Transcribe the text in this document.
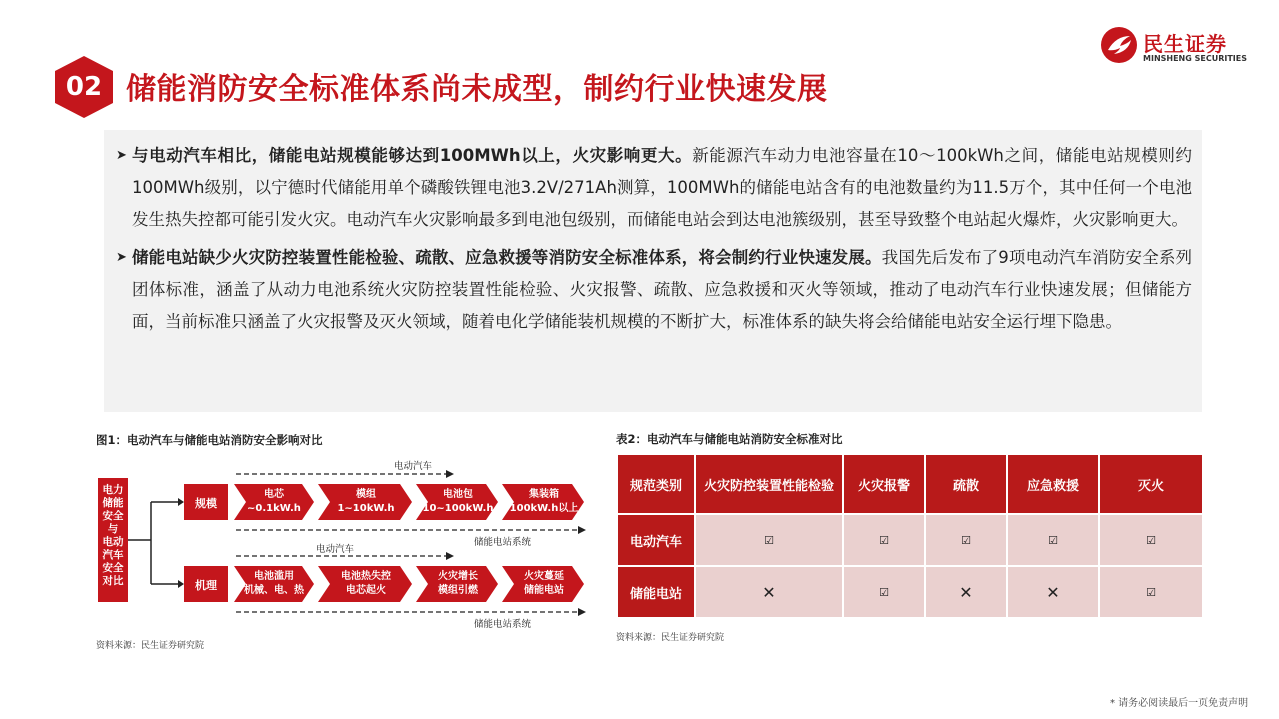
02 储能消防安全标准体系尚未成型，制约行业快速发展
民生证券
MINSHENG SECURITIES
➤ 与电动汽车相比，储能电站规模能够达到100MWh以上，火灾影响更大。新能源汽车动力电池容量在10～100kWh之间，储能电站规模则约100MWh级别，以宁德时代储能用单个磷酸铁锂电池3.2V/271Ah测算，100MWh的储能电站含有的电池数量约为11.5万个，其中任何一个电池发生热失控都可能引发火灾。电动汽车火灾影响最多到电池包级别，而储能电站会到达电池簇级别，甚至导致整个电站起火爆炸，火灾影响更大。
➤ 储能电站缺少火灾防控装置性能检验、疏散、应急救援等消防安全标准体系，将会制约行业快速发展。我国先后发布了9项电动汽车消防安全系列团体标准，涵盖了从动力电池系统火灾防控装置性能检验、火灾报警、疏散、应急救援和灭火等领域，推动了电动汽车行业快速发展；但储能方面，当前标准只涵盖了火灾报警及灭火领域，随着电化学储能装机规模的不断扩大，标准体系的缺失将会给储能电站安全运行埋下隐患。
图1：电动汽车与储能电站消防安全影响对比
电力
储能
安全
与
电动
汽车
安全
对比
规模
机理
电芯
~0.1kW.h
模组
1~10kW.h
电池包
10~100kW.h
集装箱
100kW.h以上
电池滥用
机械、电、热
电池热失控
电芯起火
火灾增长
模组引燃
火灾蔓延
储能电站
电动汽车
储能电站系统
电动汽车
储能电站系统
资料来源：民生证券研究院
表2：电动汽车与储能电站消防安全标准对比
规范类别	火灾防控装置性能检验	火灾报警	疏散	应急救援	灭火
电动汽车	☑	☑	☑	☑	☑
储能电站	✕	☑	✕	✕	☑
资料来源：民生证券研究院
* 请务必阅读最后一页免责声明
